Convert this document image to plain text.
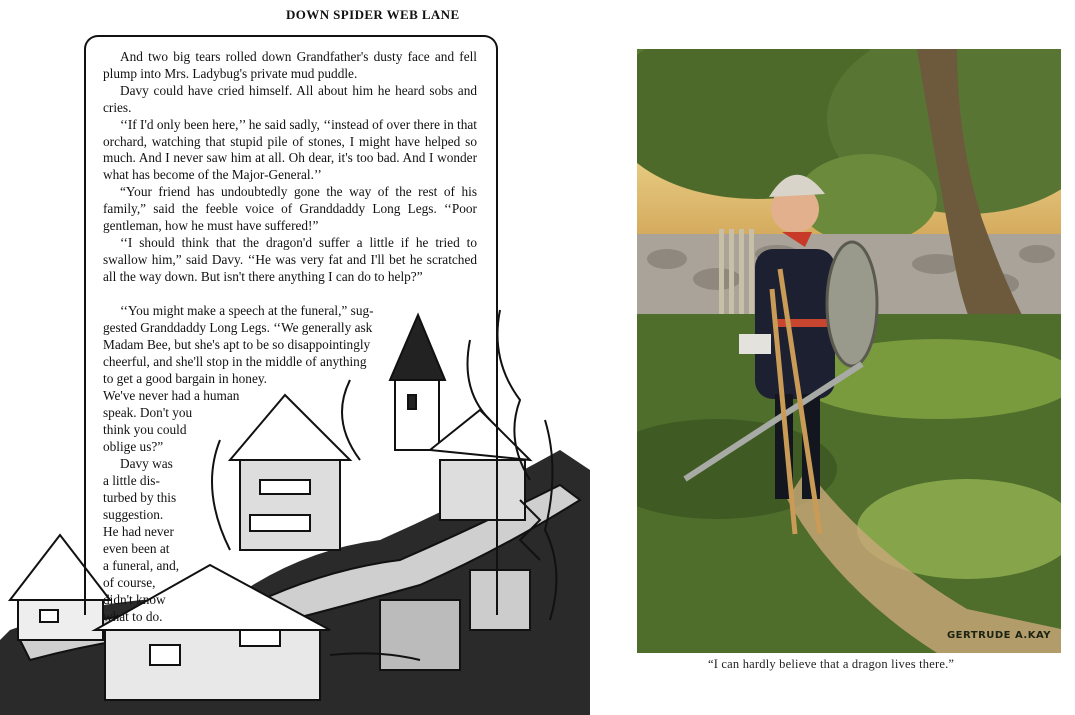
DOWN SPIDER WEB LANE

And two big tears rolled down Grandfather's dusty face and fell plump into Mrs. Ladybug's private mud puddle.

Davy could have cried himself. All about him he heard sobs and cries.

‘‘If I'd only been here,’’ he said sadly, ‘‘instead of over there in that orchard, watching that stupid pile of stones, I might have helped so much. And I never saw him at all. Oh dear, it's too bad. And I wonder what has become of the Major-General.’’

“Your friend has undoubtedly gone the way of the rest of his family,” said the feeble voice of Granddaddy Long Legs. ‘‘Poor gentleman, how he must have suffered!”

‘‘I should think that the dragon'd suffer a little if he tried to swallow him,” said Davy. ‘‘He was very fat and I'll bet he scratched all the way down. But isn't there anything I can do to help?”

‘‘You might make a speech at the funeral,” sug-
gested Granddaddy Long Legs. ‘‘We generally ask
Madam Bee, but she's apt to be so disappointingly
cheerful, and she'll stop in the middle of anything
to get a good bargain in honey.
We've never had a human
speak. Don't you
think you could
oblige us?”
Davy was
a little dis-
turbed by this
suggestion.
He had never
even been at
a funeral, and,
of course,
didn't know
what to do.
GERTRUDE A.KAY
“I can hardly believe that a dragon lives there.”
